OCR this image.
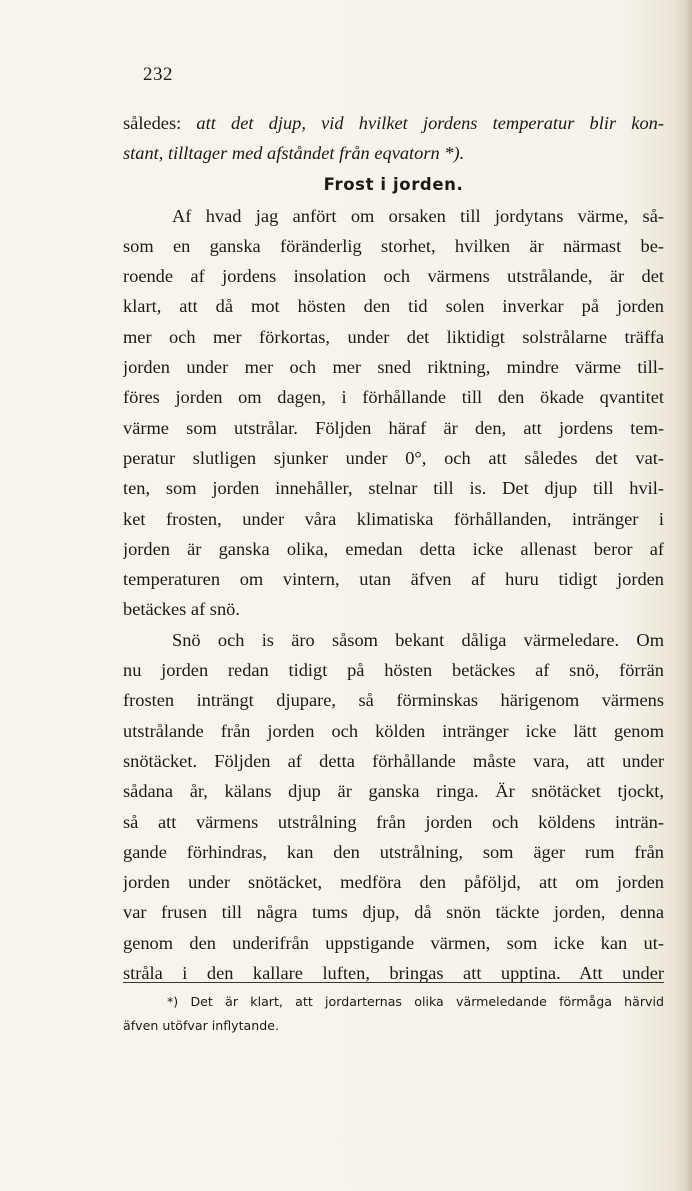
232
således: att det djup, vid hvilket jordens temperatur blir kon-
stant, tilltager med afståndet från eqvatorn *).
Frost i jorden.
Af hvad jag anfört om orsaken till jordytans värme, så-
som en ganska föränderlig storhet, hvilken är närmast be-
roende af jordens insolation och värmens utstrålande, är det
klart, att då mot hösten den tid solen inverkar på jorden
mer och mer förkortas, under det liktidigt solstrålarne träffa
jorden under mer och mer sned riktning, mindre värme till-
föres jorden om dagen, i förhållande till den ökade qvantitet
värme som utstrålar. Följden häraf är den, att jordens tem-
peratur slutligen sjunker under 0°, och att således det vat-
ten, som jorden innehåller, stelnar till is. Det djup till hvil-
ket frosten, under våra klimatiska förhållanden, intränger i
jorden är ganska olika, emedan detta icke allenast beror af
temperaturen om vintern, utan äfven af huru tidigt jorden
betäckes af snö.
Snö och is äro såsom bekant dåliga värmeledare. Om
nu jorden redan tidigt på hösten betäckes af snö, förrän
frosten inträngt djupare, så förminskas härigenom värmens
utstrålande från jorden och kölden intränger icke lätt genom
snötäcket. Följden af detta förhållande måste vara, att under
sådana år, kälans djup är ganska ringa. Är snötäcket tjockt,
så att värmens utstrålning från jorden och köldens inträn-
gande förhindras, kan den utstrålning, som äger rum från
jorden under snötäcket, medföra den påföljd, att om jorden
var frusen till några tums djup, då snön täckte jorden, denna
genom den underifrån uppstigande värmen, som icke kan ut-
stråla i den kallare luften, bringas att upptina. Att under
*) Det är klart, att jordarternas olika värmeledande förmåga härvid
äfven utöfvar inflytande.
